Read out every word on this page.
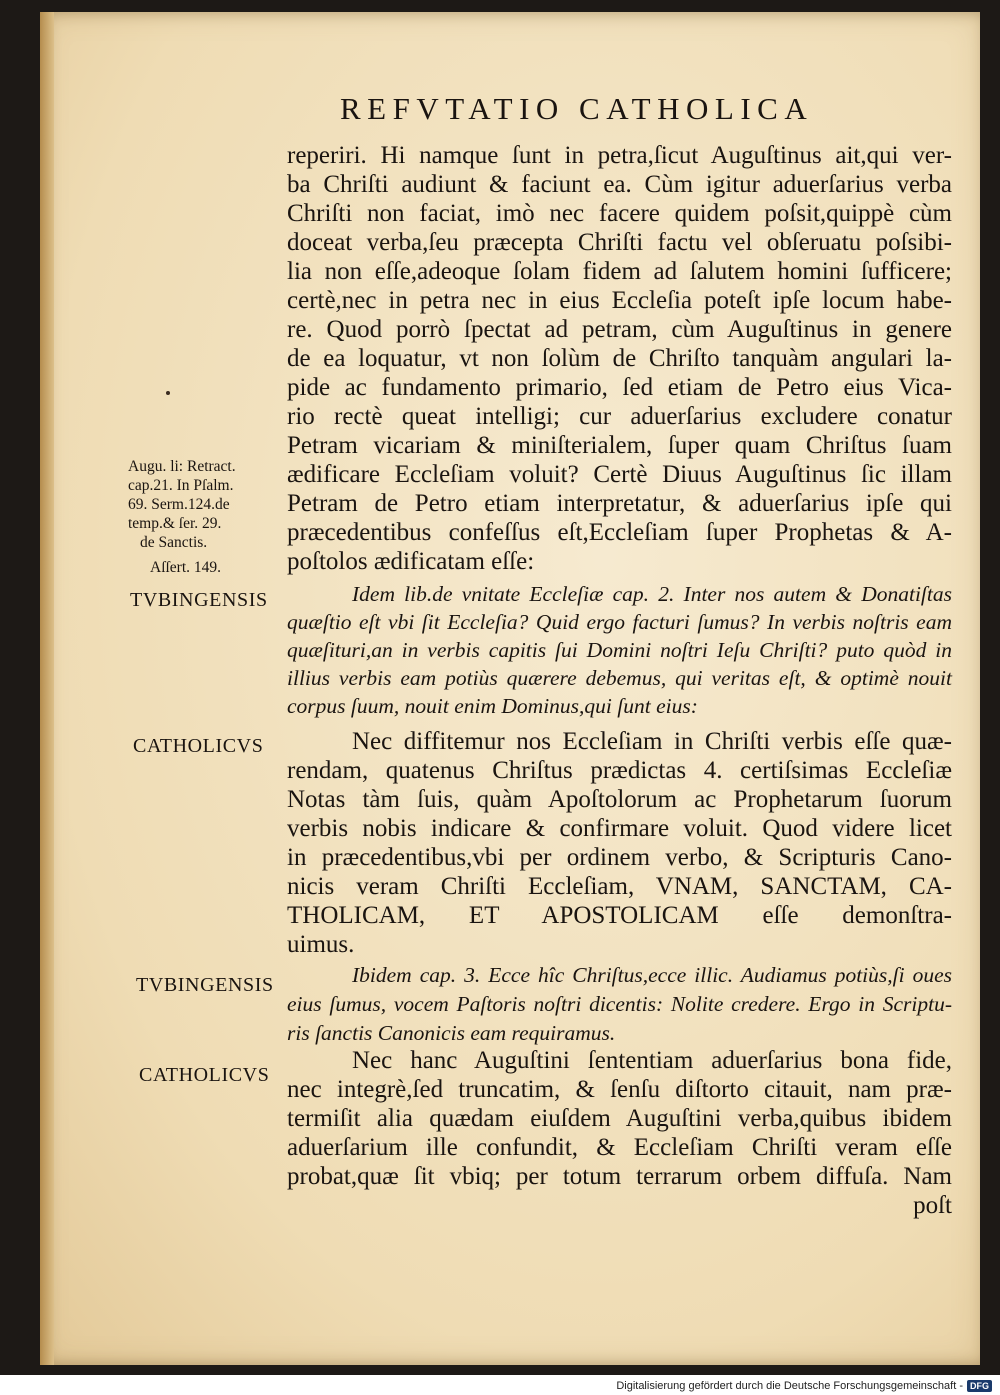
REFVTATIO CATHOLICA
reperiri. Hi namque ſunt in petra,ſicut Auguſtinus ait,qui ver-
ba Chriſti audiunt & faciunt ea. Cùm igitur aduerſarius verba
Chriſti non faciat, imò nec facere quidem poſsit,quippè cùm
doceat verba,ſeu præcepta Chriſti factu vel obſeruatu poſsibi-
lia non eſſe,adeoque ſolam fidem ad ſalutem homini ſufficere;
certè,nec in petra nec in eius Eccleſia poteſt ipſe locum habe-
re. Quod porrò ſpectat ad petram, cùm Auguſtinus in genere
de ea loquatur, vt non ſolùm de Chriſto tanquàm angulari la-
pide ac fundamento primario, ſed etiam de Petro eius Vica-
rio rectè queat intelligi; cur aduerſarius excludere conatur
Petram vicariam & miniſterialem, ſuper quam Chriſtus ſuam
ædificare Eccleſiam voluit? Certè Diuus Auguſtinus ſic illam
Petram de Petro etiam interpretatur, & aduerſarius ipſe qui
præcedentibus confeſſus eſt,Eccleſiam ſuper Prophetas & A-
poſtolos ædificatam eſſe:
Idem lib.de vnitate Eccleſiæ cap. 2. Inter nos autem & Donatiſtas
quæſtio eſt vbi ſit Eccleſia? Quid ergo facturi ſumus? In verbis noſtris eam
quæſituri,an in verbis capitis ſui Domini noſtri Ieſu Chriſti? puto quòd in
illius verbis eam potiùs quærere debemus, qui veritas eſt, & optimè nouit
corpus ſuum, nouit enim Dominus,qui ſunt eius:
Nec diffitemur nos Eccleſiam in Chriſti verbis eſſe quæ-
rendam, quatenus Chriſtus prædictas 4. certiſsimas Eccleſiæ
Notas tàm ſuis, quàm Apoſtolorum ac Prophetarum ſuorum
verbis nobis indicare & confirmare voluit. Quod videre licet
in præcedentibus,vbi per ordinem verbo, & Scripturis Cano-
nicis veram Chriſti Eccleſiam, VNAM, SANCTAM, CA-
THOLICAM, ET APOSTOLICAM eſſe demonſtra-
uimus.
Ibidem cap. 3. Ecce hîc Chriſtus,ecce illic. Audiamus potiùs,ſi oues
eius ſumus, vocem Paſtoris noſtri dicentis: Nolite credere. Ergo in Scriptu-
ris ſanctis Canonicis eam requiramus.
Nec hanc Auguſtini ſententiam aduerſarius bona fide,
nec integrè,ſed truncatim, & ſenſu diſtorto citauit, nam præ-
termiſit alia quædam eiuſdem Auguſtini verba,quibus ibidem
aduerſarium ille confundit, & Eccleſiam Chriſti veram eſſe
probat,quæ ſit vbiq; per totum terrarum orbem diffuſa. Nam
poſt
Augu. li: Retract.
cap.21. In Pſalm.
69. Serm.124.de
temp.& ſer. 29.
de Sanctis.
Aſſert. 149.
TVBINGENSIS
CATHOLICVS
TVBINGENSIS
CATHOLICVS
Digitalisierung gefördert durch die Deutsche Forschungsgemeinschaft - DFG
